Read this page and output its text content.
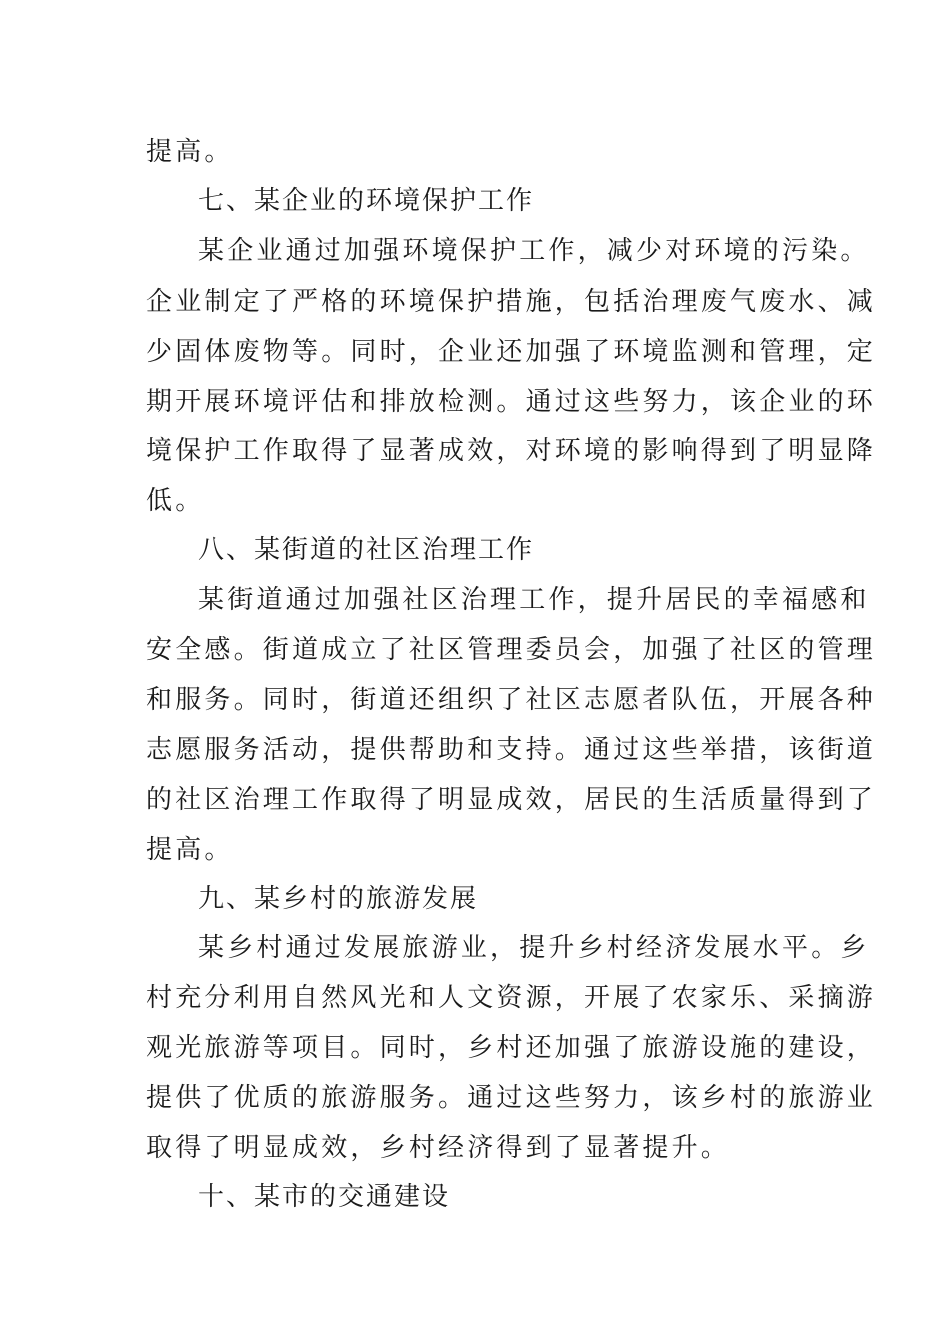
提高。
七、某企业的环境保护工作
某企业通过加强环境保护工作，减少对环境的污染。
企业制定了严格的环境保护措施，包括治理废气废水、减
少固体废物等。同时，企业还加强了环境监测和管理，定
期开展环境评估和排放检测。通过这些努力，该企业的环
境保护工作取得了显著成效，对环境的影响得到了明显降
低。
八、某街道的社区治理工作
某街道通过加强社区治理工作，提升居民的幸福感和
安全感。街道成立了社区管理委员会，加强了社区的管理
和服务。同时，街道还组织了社区志愿者队伍，开展各种
志愿服务活动，提供帮助和支持。通过这些举措，该街道
的社区治理工作取得了明显成效，居民的生活质量得到了
提高。
九、某乡村的旅游发展
某乡村通过发展旅游业，提升乡村经济发展水平。乡
村充分利用自然风光和人文资源，开展了农家乐、采摘游
观光旅游等项目。同时，乡村还加强了旅游设施的建设，
提供了优质的旅游服务。通过这些努力，该乡村的旅游业
取得了明显成效，乡村经济得到了显著提升。
十、某市的交通建设
